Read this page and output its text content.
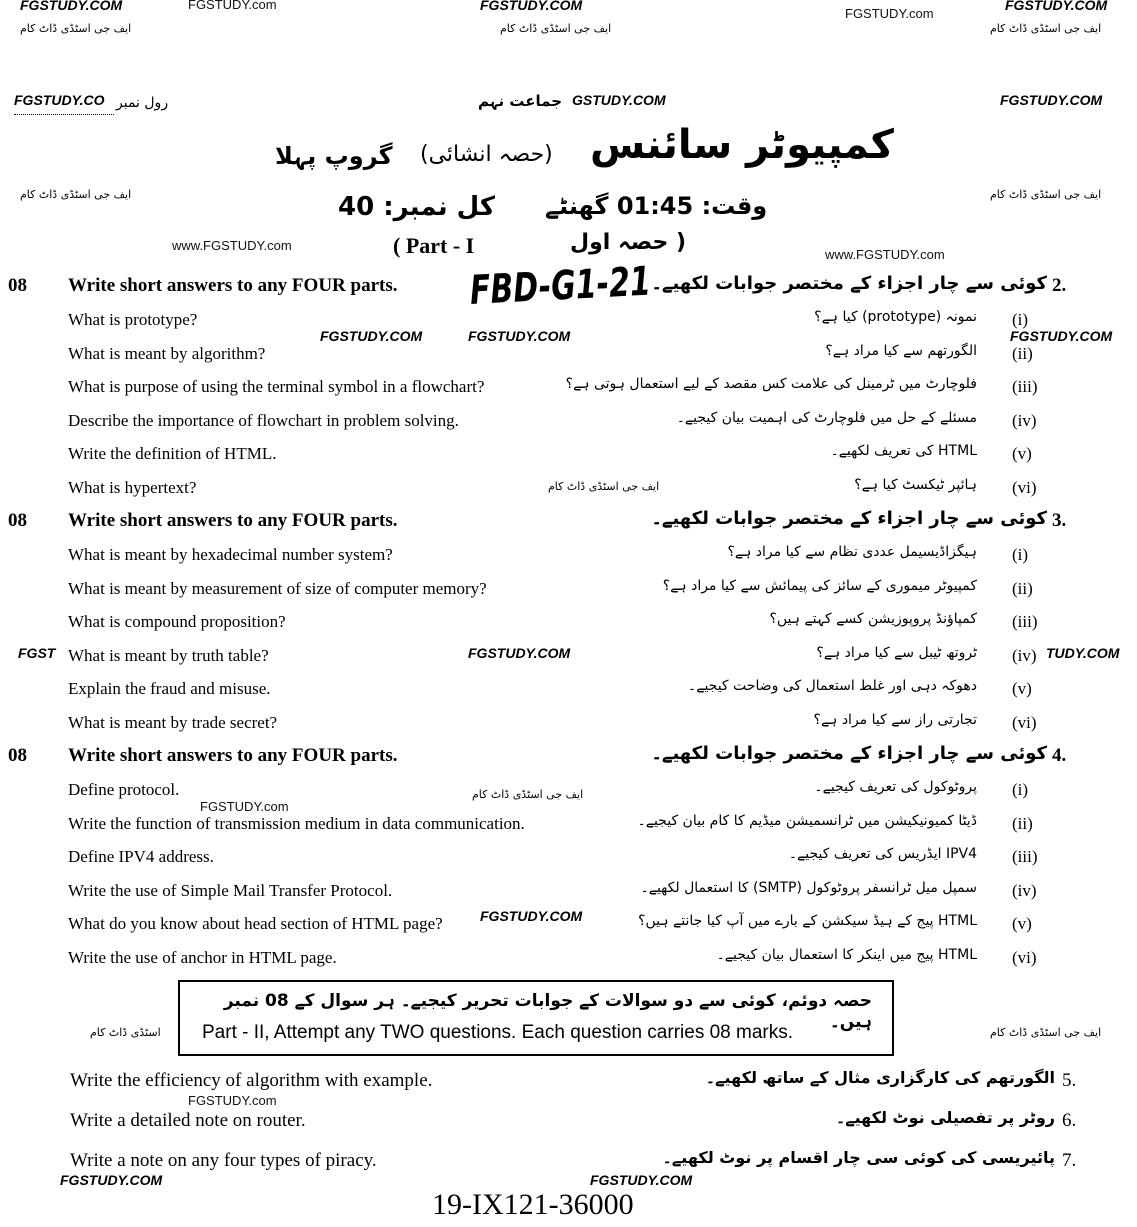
FGSTUDY.COM	FGSTUDY.com	FGSTUDY.COM
FGSTUDY.com
FGSTUDY.COM
ایف جی اسٹڈی ڈاٹ کام	ایف جی اسٹڈی ڈاٹ کام	ایف جی اسٹڈی ڈاٹ کام
FGSTUDY.CO	GSTUDY.COM	FGSTUDY.COM
ایف جی اسٹڈی ڈاٹ کام	ایف جی اسٹڈی ڈاٹ کام
www.FGSTUDY.com
www.FGSTUDY.com
FGSTUDY.COM	FGSTUDY.COM	FGSTUDY.COM
FGST	FGSTUDY.COM	TUDY.COM
FGSTUDY.com
FGSTUDY.COM
FGSTUDY.com
FGSTUDY.COM
FGSTUDY.COM
ایف جی اسٹڈی ڈاٹ کام
ایف جی اسٹڈی ڈاٹ کام
ایف جی اسٹڈی ڈاٹ کام
اسٹڈی ڈاٹ کام
رول نمبر	جماعت نہم
کمپیوٹر سائنس
(حصہ انشائی)
گروپ پہلا
وقت: 01:45 گھنٹے
کل نمبر: 40
( Part - I	( حصہ اول
FBD-G1-21
08 Write short answers to any FOUR parts.	کوئی سے چار اجزاء کے مختصر جوابات لکھیے۔ 2.
What is prototype?	نمونہ (prototype) کیا ہے؟ (i)
What is meant by algorithm?	الگورتھم سے کیا مراد ہے؟ (ii)
What is purpose of using the terminal symbol in a flowchart?	فلوچارٹ میں ٹرمینل کی علامت کس مقصد کے لیے استعمال ہوتی ہے؟ (iii)
Describe the importance of flowchart in problem solving.	مسئلے کے حل میں فلوچارٹ کی اہمیت بیان کیجیے۔ (iv)
Write the definition of HTML.	HTML کی تعریف لکھیے۔ (v)
What is hypertext?	ہائپر ٹیکسٹ کیا ہے؟ (vi)
08 Write short answers to any FOUR parts.	کوئی سے چار اجزاء کے مختصر جوابات لکھیے۔ 3.
What is meant by hexadecimal number system?	ہیگزاڈیسیمل عددی نظام سے کیا مراد ہے؟ (i)
What is meant by measurement of size of computer memory?	کمپیوٹر میموری کے سائز کی پیمائش سے کیا مراد ہے؟ (ii)
What is compound proposition?	کمپاؤنڈ پروپوزیشن کسے کہتے ہیں؟ (iii)
What is meant by truth table?	ٹروتھ ٹیبل سے کیا مراد ہے؟ (iv)
Explain the fraud and misuse.	دھوکہ دہی اور غلط استعمال کی وضاحت کیجیے۔ (v)
What is meant by trade secret?	تجارتی راز سے کیا مراد ہے؟ (vi)
08 Write short answers to any FOUR parts.	کوئی سے چار اجزاء کے مختصر جوابات لکھیے۔ 4.
Define protocol.	پروٹوکول کی تعریف کیجیے۔ (i)
Write the function of transmission medium in data communication.	ڈیٹا کمیونیکیشن میں ٹرانسمیشن میڈیم کا کام بیان کیجیے۔ (ii)
Define IPV4 address.	IPV4 ایڈریس کی تعریف کیجیے۔ (iii)
Write the use of Simple Mail Transfer Protocol.	سمپل میل ٹرانسفر پروٹوکول (SMTP) کا استعمال لکھیے۔ (iv)
What do you know about head section of HTML page?	HTML پیج کے ہیڈ سیکشن کے بارے میں آپ کیا جانتے ہیں؟ (v)
Write the use of anchor in HTML page.	HTML پیج میں اینکر کا استعمال بیان کیجیے۔ (vi)
حصہ دوئم، کوئی سے دو سوالات کے جوابات تحریر کیجیے۔ ہر سوال کے 08 نمبر ہیں۔
Part - II, Attempt any TWO questions. Each question carries 08 marks.
Write the efficiency of algorithm with example.	الگورتھم کی کارگزاری مثال کے ساتھ لکھیے۔ 5.
Write a detailed note on router.	روٹر پر تفصیلی نوٹ لکھیے۔ 6.
Write a note on any four types of piracy.	پائیریسی کی کوئی سی چار اقسام پر نوٹ لکھیے۔ 7.
19-IX121-36000
